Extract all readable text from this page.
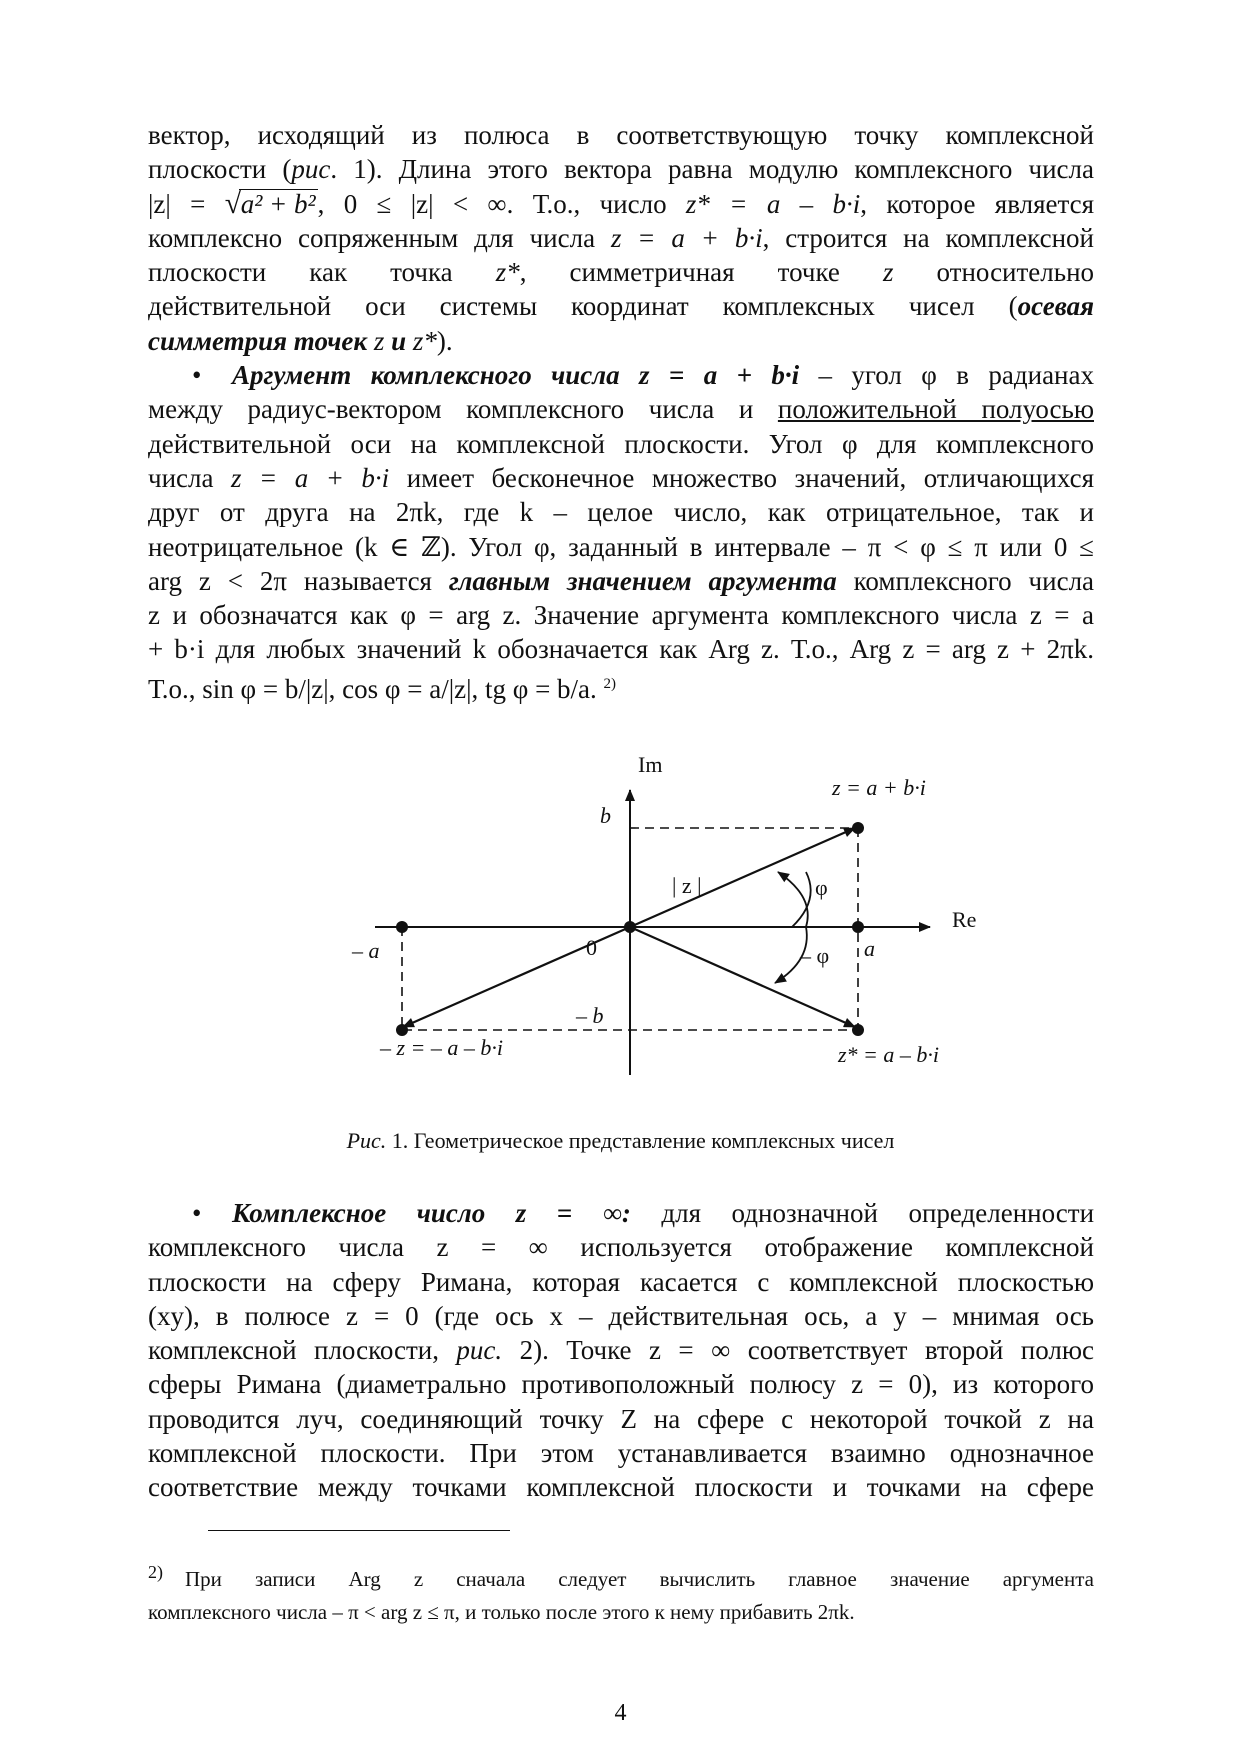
вектор, исходящий из полюса в соответствующую точку комплексной

плоскости (рис. 1). Длина этого вектора равна модулю комплексного числа

|z| = √ a² + b², 0 ≤ |z| < ∞. Т.о., число z* = a – b·i, которое является

комплексно сопряженным для числа z = a + b·i, строится на комплексной

плоскости как точка z*, симметричная точке z относительно

действительной оси системы координат комплексных чисел (осевая

симметрия точек z и z*).

• Аргумент комплексного числа z = a + b·i – угол φ в радианах

между радиус-вектором комплексного числа и положительной полуосью

действительной оси на комплексной плоскости. Угол φ для комплексного

числа z = a + b·i имеет бесконечное множество значений, отличающихся

друг от друга на 2πk, где k – целое число, как отрицательное, так и

неотрицательное (k ∈ ℤ). Угол φ, заданный в интервале – π < φ ≤ π или 0 ≤

arg z < 2π называется главным значением аргумента комплексного числа

z и обозначатся как φ = arg z. Значение аргумента комплексного числа z = a

+ b·i для любых значений k обозначается как Arg z. Т.о., Arg z = arg z + 2πk.

Т.о., sin φ = b/|z|, cos φ = a/|z|, tg φ = b/a. $^{2)}$

Im
Re
z = a + b·i
b
| z |	φ
– φ
– a	0	a
– b
– z = – a – b·i	z* = a – b·i
Рис. 1. Геометрическое представление комплексных чисел

• Комплексное число z = ∞: для однозначной определенности

комплексного числа z = ∞ используется отображение комплексной

плоскости на сферу Римана, которая касается с комплексной плоскостью

(xy), в полюсе z = 0 (где ось x – действительная ось, а y – мнимая ось

комплексной плоскости, рис. 2). Точке z = ∞ соответствует второй полюс

сферы Римана (диаметрально противоположный полюсу z = 0), из которого

проводится луч, соединяющий точку Z на сфере с некоторой точкой z на

комплексной плоскости. При этом устанавливается взаимно однозначное

соответствие между точками комплексной плоскости и точками на сфере

2) При записи Arg z сначала следует вычислить главное значение аргумента
комплексного числа – π < arg z ≤ π, и только после этого к нему прибавить 2πk.
4
